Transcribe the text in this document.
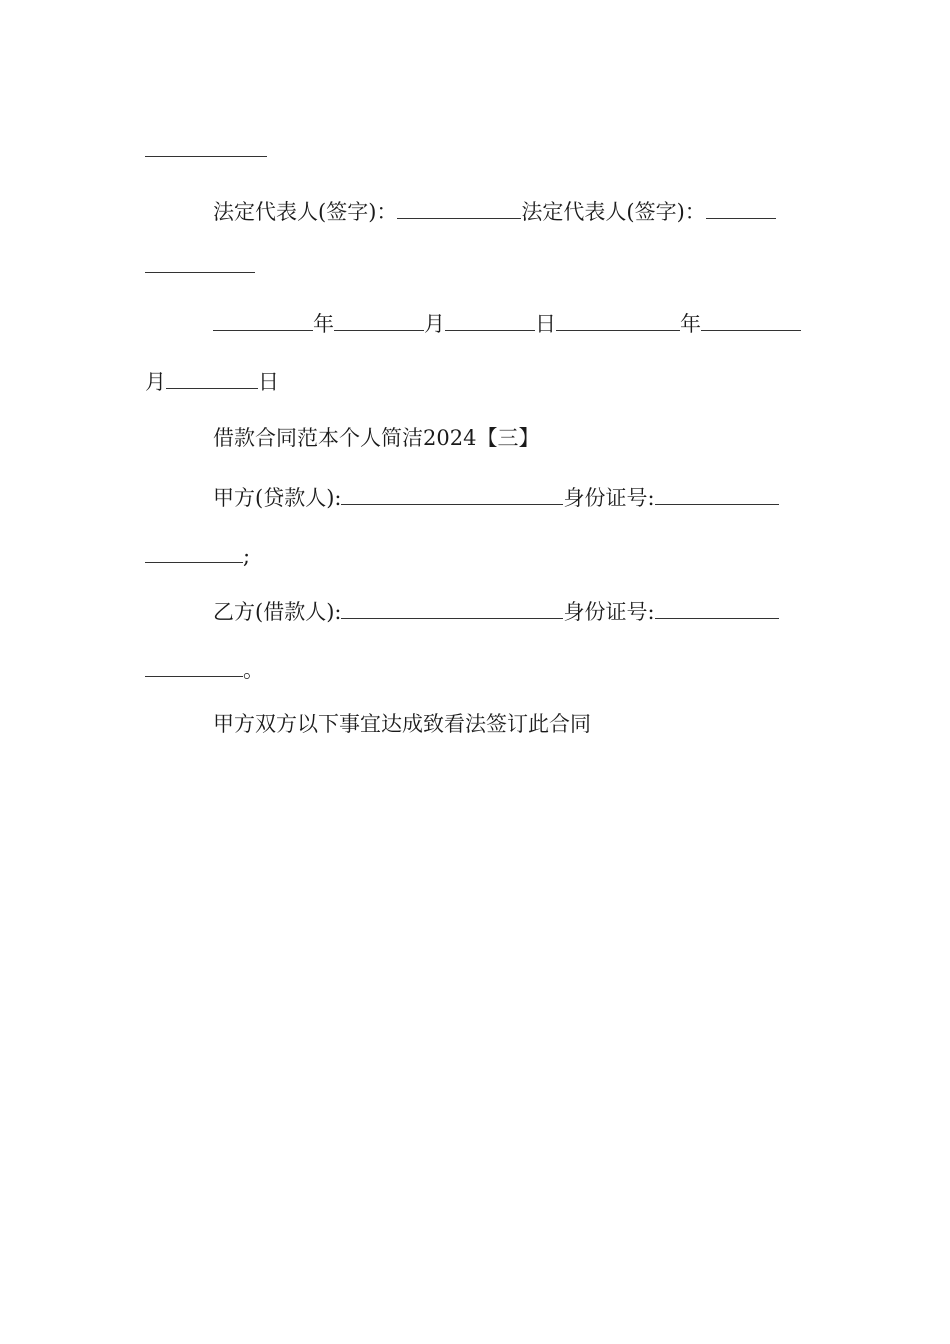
法定代表人(签字)：	法定代表人(签字)：
年	月	日	年
月	日
借款合同范本个人简洁2024【三】
甲方(贷款人):	身份证号:
;
乙方(借款人):	身份证号:
。
甲方双方以下事宜达成致看法签订此合同
